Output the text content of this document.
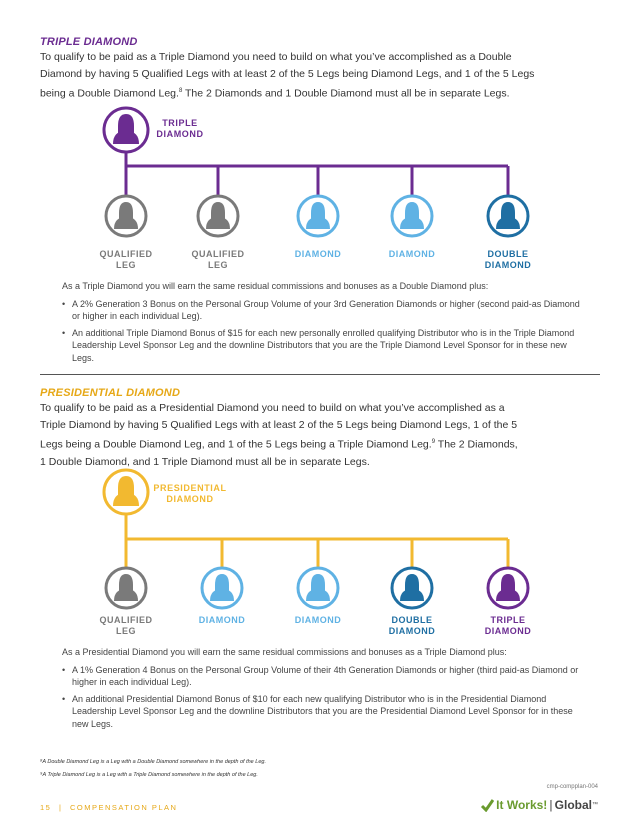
TRIPLE DIAMOND
To qualify to be paid as a Triple Diamond you need to build on what you’ve accomplished as a Double
Diamond by having 5 Qualified Legs with at least 2 of the 5 Legs being Diamond Legs, and 1 of the 5 Legs
being a Double Diamond Leg.$^8$ The 2 Diamonds and 1 Double Diamond must all be in separate Legs.
TRIPLE
DIAMOND
QUALIFIED
LEG
QUALIFIED
LEG
DIAMOND	DIAMOND	DOUBLE
DIAMOND

As a Triple Diamond you will earn the same residual commissions and bonuses as a Double Diamond plus:

• A 2% Generation 3 Bonus on the Personal Group Volume of your 3rd Generation Diamonds or higher (second paid-as Diamond or higher in each individual Leg).
• An additional Triple Diamond Bonus of $15 for each new personally enrolled qualifying Distributor who is in the Triple Diamond Leadership Level Sponsor Leg and the downline Distributors that you are the Triple Diamond Level Sponsor for in these new Legs.
PRESIDENTIAL DIAMOND
To qualify to be paid as a Presidential Diamond you need to build on what you’ve accomplished as a
Triple Diamond by having 5 Qualified Legs with at least 2 of the 5 Legs being Diamond Legs, 1 of the 5
Legs being a Double Diamond Leg, and 1 of the 5 Legs being a Triple Diamond Leg.$^9$ The 2 Diamonds,
1 Double Diamond, and 1 Triple Diamond must all be in separate Legs.
PRESIDENTIAL
DIAMOND
QUALIFIED
LEG
DIAMOND	DIAMOND	DOUBLE
DIAMOND
TRIPLE
DIAMOND

As a Presidential Diamond you will earn the same residual commissions and bonuses as a Triple Diamond plus:

• A 1% Generation 4 Bonus on the Personal Group Volume of their 4th Generation Diamonds or higher (third paid-as Diamond or higher in each individual Leg).
• An additional Presidential Diamond Bonus of $10 for each new qualifying Distributor who is in the Presidential Diamond Leadership Level Sponsor Leg and the downline Distributors that you are the Presidential Diamond Level Sponsor for in these new Legs.
⁸A Double Diamond Leg is a Leg with a Double Diamond somewhere in the depth of the Leg.
⁹A Triple Diamond Leg is a Leg with a Triple Diamond somewhere in the depth of the Leg.
cmp-compplan-004
15 | COMPENSATION PLAN	It Works! | Global ™
